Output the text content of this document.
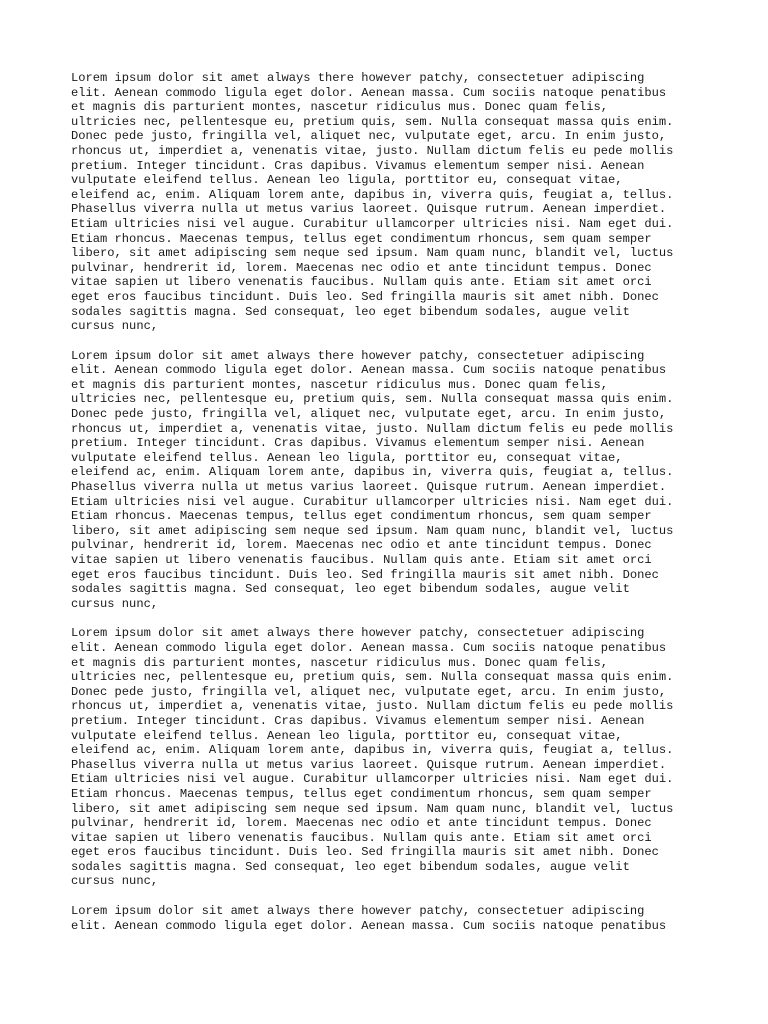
Lorem ipsum dolor sit amet always there however patchy, consectetuer adipiscing
elit. Aenean commodo ligula eget dolor. Aenean massa. Cum sociis natoque penatibus
et magnis dis parturient montes, nascetur ridiculus mus. Donec quam felis,
ultricies nec, pellentesque eu, pretium quis, sem. Nulla consequat massa quis enim.
Donec pede justo, fringilla vel, aliquet nec, vulputate eget, arcu. In enim justo,
rhoncus ut, imperdiet a, venenatis vitae, justo. Nullam dictum felis eu pede mollis
pretium. Integer tincidunt. Cras dapibus. Vivamus elementum semper nisi. Aenean
vulputate eleifend tellus. Aenean leo ligula, porttitor eu, consequat vitae,
eleifend ac, enim. Aliquam lorem ante, dapibus in, viverra quis, feugiat a, tellus.
Phasellus viverra nulla ut metus varius laoreet. Quisque rutrum. Aenean imperdiet.
Etiam ultricies nisi vel augue. Curabitur ullamcorper ultricies nisi. Nam eget dui.
Etiam rhoncus. Maecenas tempus, tellus eget condimentum rhoncus, sem quam semper
libero, sit amet adipiscing sem neque sed ipsum. Nam quam nunc, blandit vel, luctus
pulvinar, hendrerit id, lorem. Maecenas nec odio et ante tincidunt tempus. Donec
vitae sapien ut libero venenatis faucibus. Nullam quis ante. Etiam sit amet orci
eget eros faucibus tincidunt. Duis leo. Sed fringilla mauris sit amet nibh. Donec
sodales sagittis magna. Sed consequat, leo eget bibendum sodales, augue velit
cursus nunc,

Lorem ipsum dolor sit amet always there however patchy, consectetuer adipiscing
elit. Aenean commodo ligula eget dolor. Aenean massa. Cum sociis natoque penatibus
et magnis dis parturient montes, nascetur ridiculus mus. Donec quam felis,
ultricies nec, pellentesque eu, pretium quis, sem. Nulla consequat massa quis enim.
Donec pede justo, fringilla vel, aliquet nec, vulputate eget, arcu. In enim justo,
rhoncus ut, imperdiet a, venenatis vitae, justo. Nullam dictum felis eu pede mollis
pretium. Integer tincidunt. Cras dapibus. Vivamus elementum semper nisi. Aenean
vulputate eleifend tellus. Aenean leo ligula, porttitor eu, consequat vitae,
eleifend ac, enim. Aliquam lorem ante, dapibus in, viverra quis, feugiat a, tellus.
Phasellus viverra nulla ut metus varius laoreet. Quisque rutrum. Aenean imperdiet.
Etiam ultricies nisi vel augue. Curabitur ullamcorper ultricies nisi. Nam eget dui.
Etiam rhoncus. Maecenas tempus, tellus eget condimentum rhoncus, sem quam semper
libero, sit amet adipiscing sem neque sed ipsum. Nam quam nunc, blandit vel, luctus
pulvinar, hendrerit id, lorem. Maecenas nec odio et ante tincidunt tempus. Donec
vitae sapien ut libero venenatis faucibus. Nullam quis ante. Etiam sit amet orci
eget eros faucibus tincidunt. Duis leo. Sed fringilla mauris sit amet nibh. Donec
sodales sagittis magna. Sed consequat, leo eget bibendum sodales, augue velit
cursus nunc,

Lorem ipsum dolor sit amet always there however patchy, consectetuer adipiscing
elit. Aenean commodo ligula eget dolor. Aenean massa. Cum sociis natoque penatibus
et magnis dis parturient montes, nascetur ridiculus mus. Donec quam felis,
ultricies nec, pellentesque eu, pretium quis, sem. Nulla consequat massa quis enim.
Donec pede justo, fringilla vel, aliquet nec, vulputate eget, arcu. In enim justo,
rhoncus ut, imperdiet a, venenatis vitae, justo. Nullam dictum felis eu pede mollis
pretium. Integer tincidunt. Cras dapibus. Vivamus elementum semper nisi. Aenean
vulputate eleifend tellus. Aenean leo ligula, porttitor eu, consequat vitae,
eleifend ac, enim. Aliquam lorem ante, dapibus in, viverra quis, feugiat a, tellus.
Phasellus viverra nulla ut metus varius laoreet. Quisque rutrum. Aenean imperdiet.
Etiam ultricies nisi vel augue. Curabitur ullamcorper ultricies nisi. Nam eget dui.
Etiam rhoncus. Maecenas tempus, tellus eget condimentum rhoncus, sem quam semper
libero, sit amet adipiscing sem neque sed ipsum. Nam quam nunc, blandit vel, luctus
pulvinar, hendrerit id, lorem. Maecenas nec odio et ante tincidunt tempus. Donec
vitae sapien ut libero venenatis faucibus. Nullam quis ante. Etiam sit amet orci
eget eros faucibus tincidunt. Duis leo. Sed fringilla mauris sit amet nibh. Donec
sodales sagittis magna. Sed consequat, leo eget bibendum sodales, augue velit
cursus nunc,

Lorem ipsum dolor sit amet always there however patchy, consectetuer adipiscing
elit. Aenean commodo ligula eget dolor. Aenean massa. Cum sociis natoque penatibus
